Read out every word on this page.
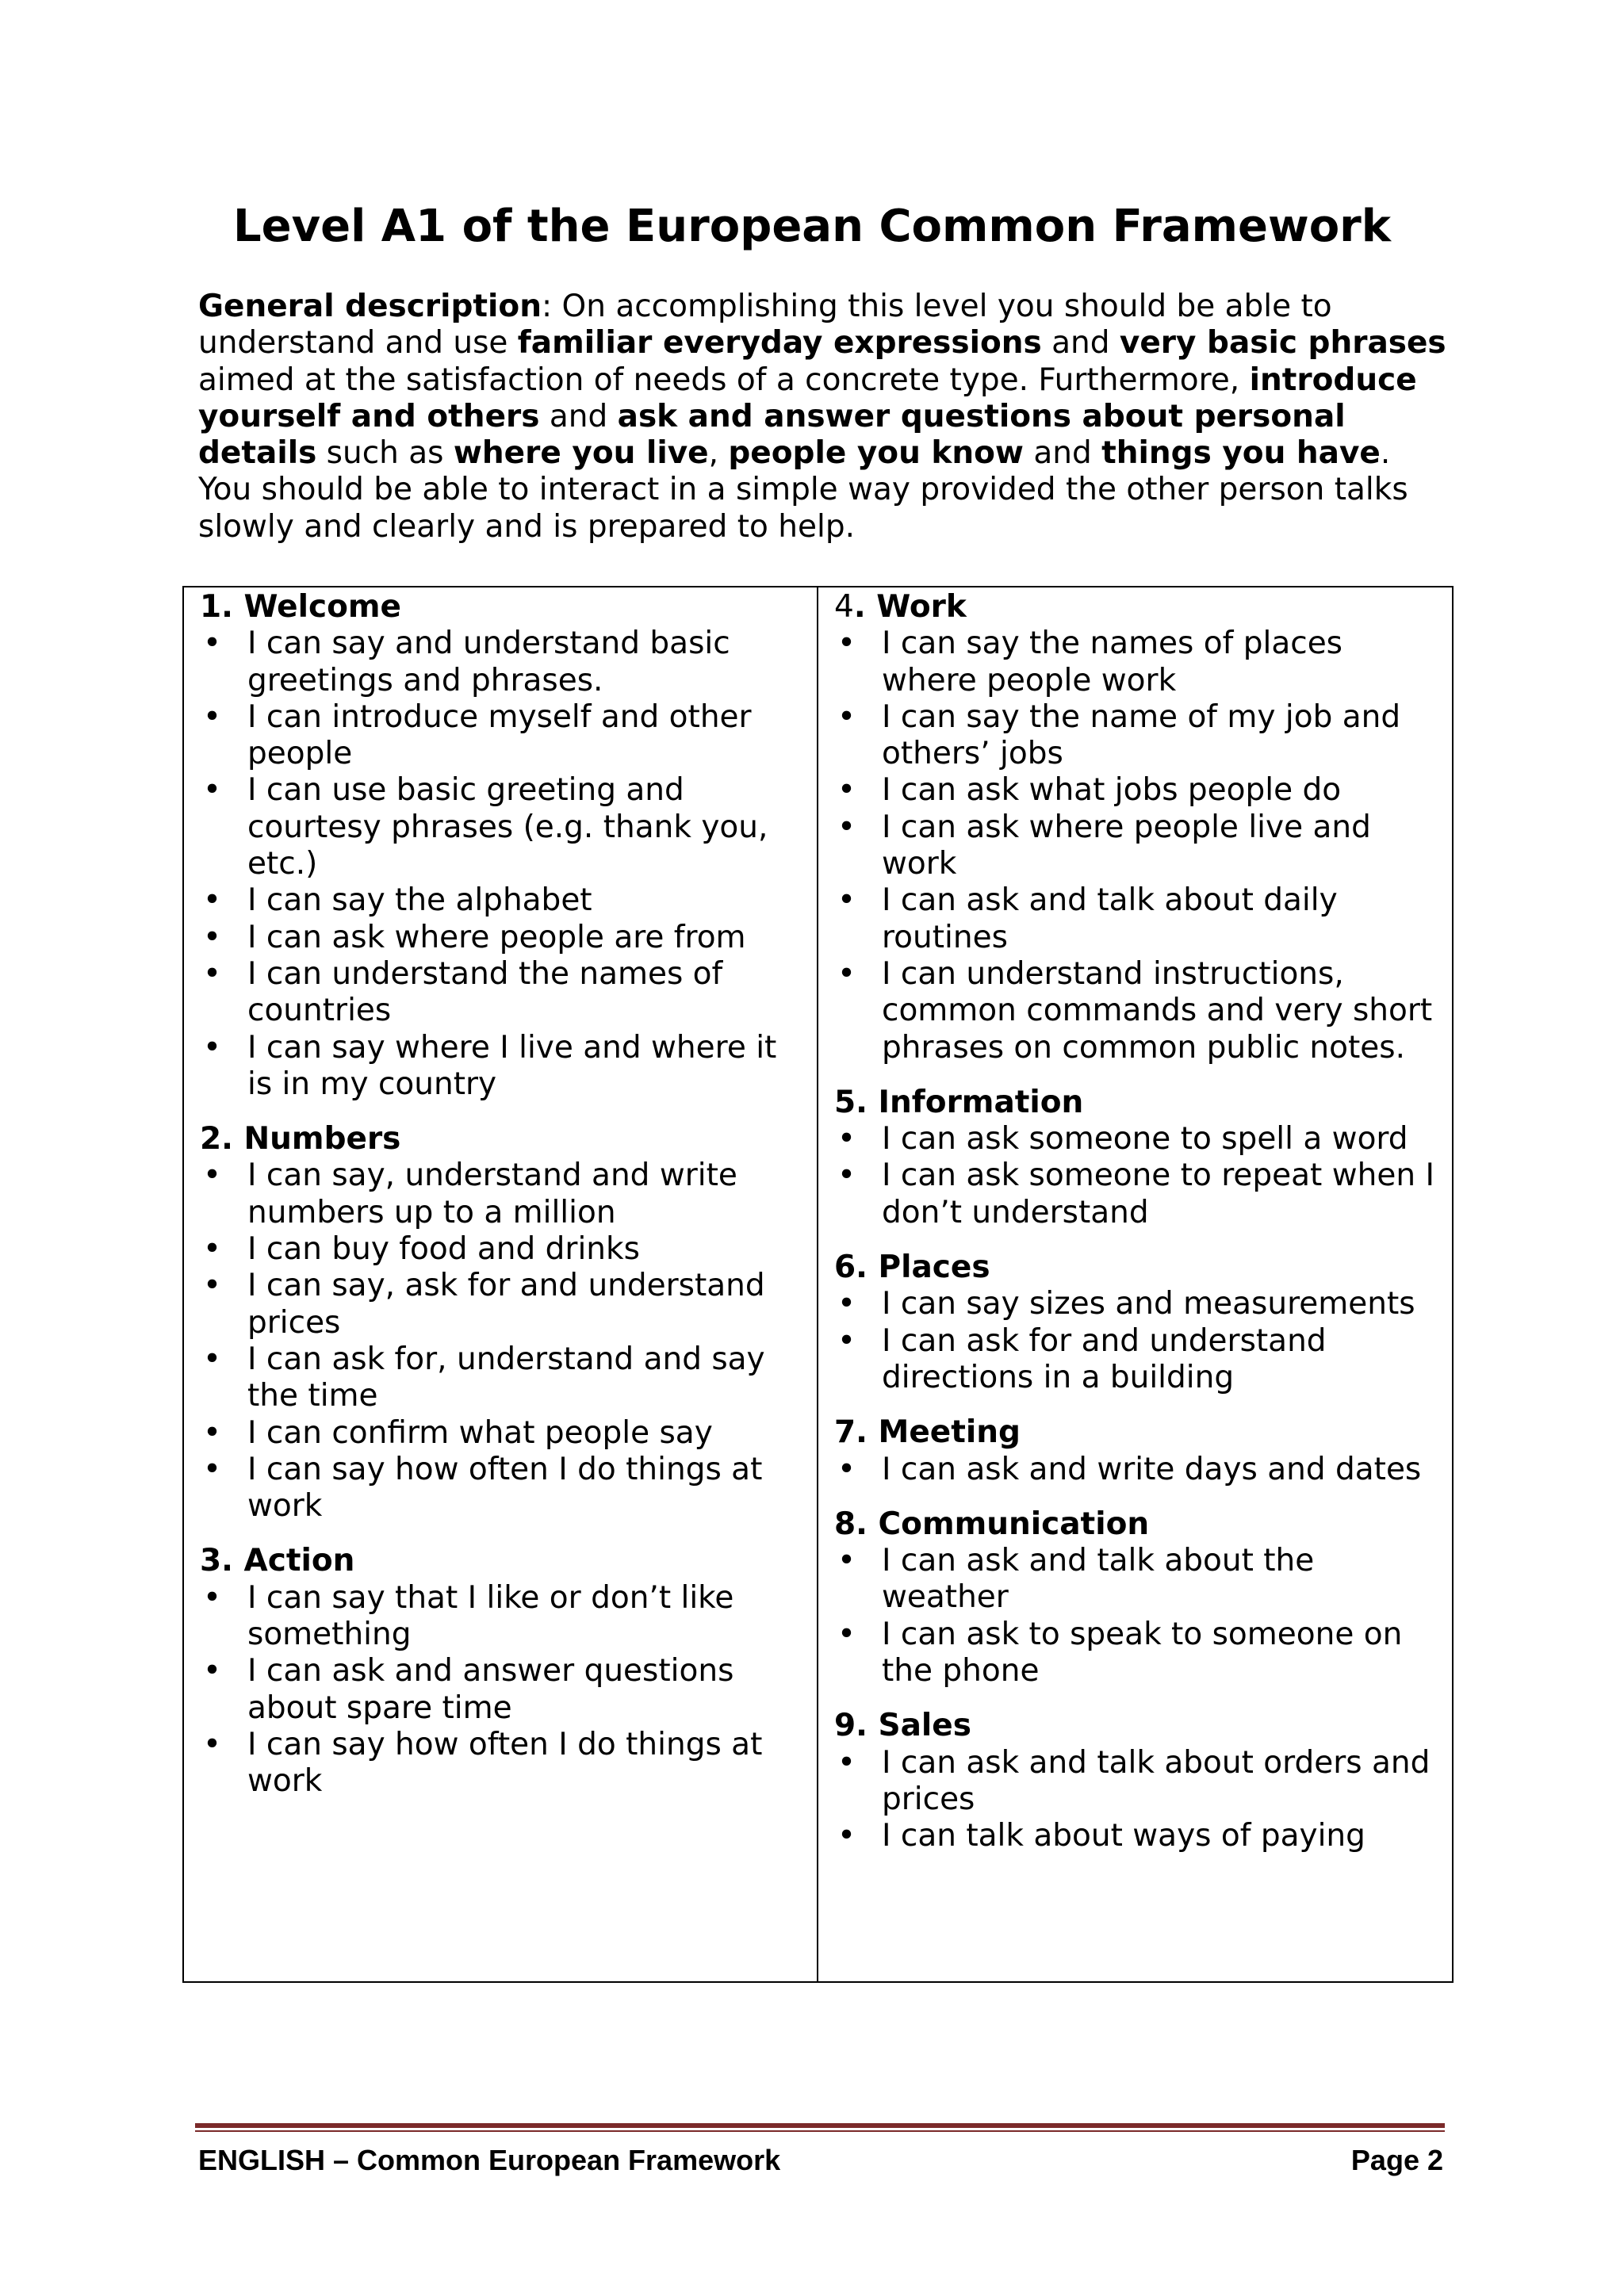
Level A1 of the European Common Framework

General description: On accomplishing this level you should be able to understand and use familiar everyday expressions and very basic phrases aimed at the satisfaction of needs of a concrete type. Furthermore, introduce yourself and others and ask and answer questions about personal details such as where you live, people you know and things you have. You should be able to interact in a simple way provided the other person talks slowly and clearly and is prepared to help.

1. Welcome
• I can say and understand basic greetings and phrases.
• I can introduce myself and other people
• I can use basic greeting and courtesy phrases (e.g. thank you, etc.)
• I can say the alphabet
• I can ask where people are from
• I can understand the names of countries
• I can say where I live and where it is in my country
2. Numbers
• I can say, understand and write numbers up to a million
• I can buy food and drinks
• I can say, ask for and understand prices
• I can ask for, understand and say the time
• I can confirm what people say
• I can say how often I do things at work
3. Action
• I can say that I like or don’t like something
• I can ask and answer questions about spare time
• I can say how often I do things at work
4. Work
• I can say the names of places where people work
• I can say the name of my job and others’ jobs
• I can ask what jobs people do
• I can ask where people live and work
• I can ask and talk about daily routines
• I can understand instructions, common commands and very short phrases on common public notes.
5. Information
• I can ask someone to spell a word
• I can ask someone to repeat when I don’t understand
6. Places
• I can say sizes and measurements
• I can ask for and understand directions in a building
7. Meeting
• I can ask and write days and dates
8. Communication
• I can ask and talk about the weather
• I can ask to speak to someone on the phone
9. Sales
• I can ask and talk about orders and prices
• I can talk about ways of paying
ENGLISH – Common European Framework	Page 2
